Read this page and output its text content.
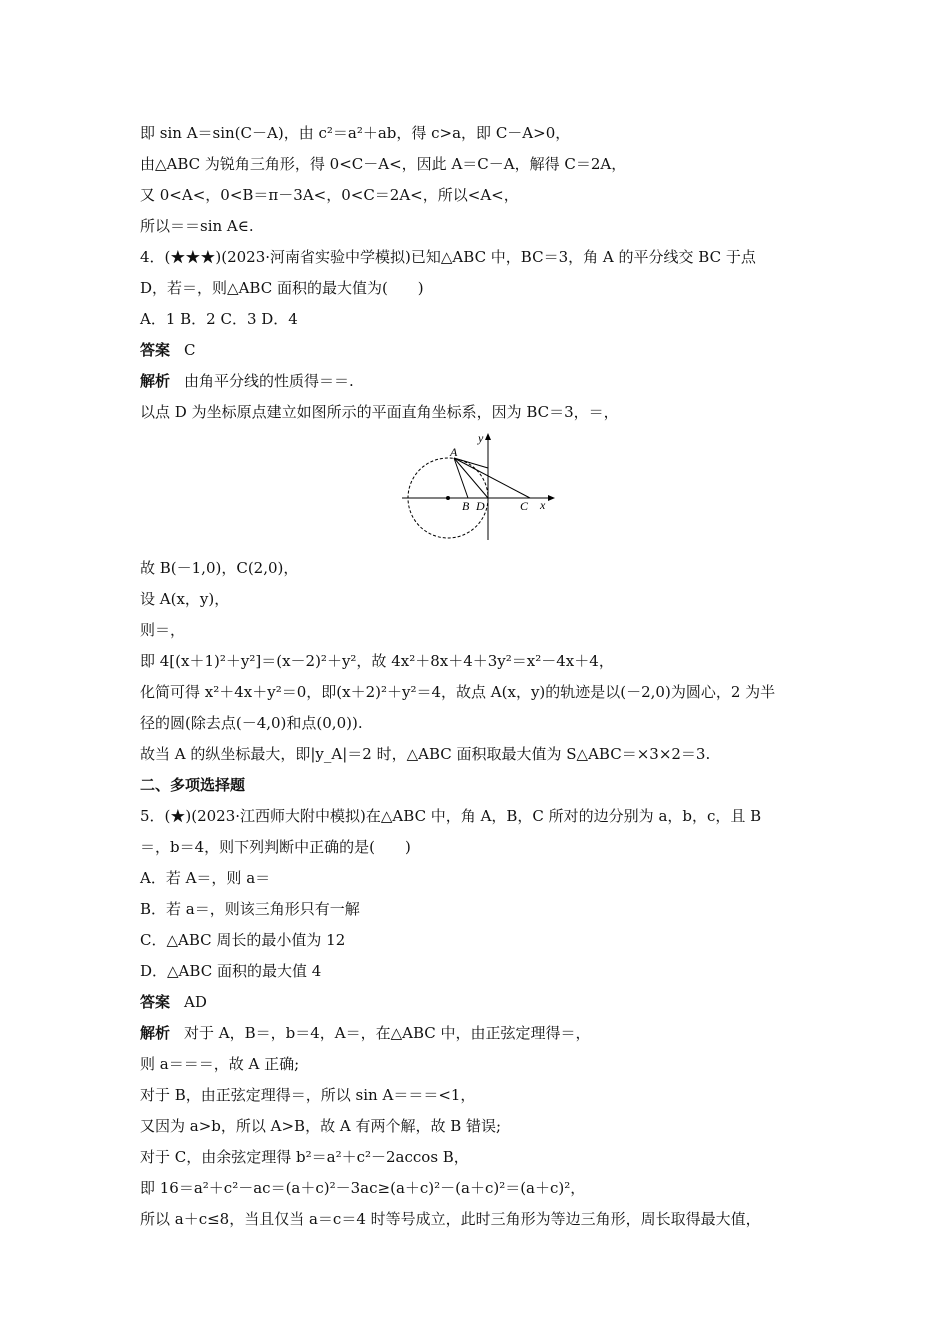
即 sin A＝sin(C－A)，由 c²＝a²＋ab，得 c>a，即 C－A>0，
由△ABC 为锐角三角形，得 0<C－A<，因此 A＝C－A，解得 C＝2A，
又 0<A<，0<B＝π－3A<，0<C＝2A<，所以<A<，
所以＝＝sin A∈.
4．(★★★)(2023·河南省实验中学模拟)已知△ABC 中，BC＝3，角 A 的平分线交 BC 于点
D，若＝，则△ABC 面积的最大值为(　　)
A．1 B．2 C．3 D．4
答案 C
解析 由角平分线的性质得＝＝.
以点 D 为坐标原点建立如图所示的平面直角坐标系，因为 BC＝3，＝，
故 B(－1,0)，C(2,0)，
设 A(x，y)，
则＝，
即 4[(x＋1)²＋y²]＝(x－2)²＋y²，故 4x²＋8x＋4＋3y²＝x²－4x＋4，
化简可得 x²＋4x＋y²＝0，即(x＋2)²＋y²＝4，故点 A(x，y)的轨迹是以(－2,0)为圆心，2 为半
径的圆(除去点(－4,0)和点(0,0)).
故当 A 的纵坐标最大，即|y_A|＝2 时，△ABC 面积取最大值为 S△ABC＝×3×2＝3.
二、多项选择题
5．(★)(2023·江西师大附中模拟)在△ABC 中，角 A，B，C 所对的边分别为 a，b，c，且 B
＝，b＝4，则下列判断中正确的是(　　)
A．若 A＝，则 a＝
B．若 a＝，则该三角形只有一解
C．△ABC 周长的最小值为 12
D．△ABC 面积的最大值 4
答案 AD
解析 对于 A，B＝，b＝4，A＝，在△ABC 中，由正弦定理得＝，
则 a＝＝＝，故 A 正确;
对于 B，由正弦定理得＝，所以 sin A＝＝＝<1，
又因为 a>b，所以 A>B，故 A 有两个解，故 B 错误;
对于 C，由余弦定理得 b²＝a²＋c²－2accos B，
即 16＝a²＋c²－ac＝(a＋c)²－3ac≥(a＋c)²－(a＋c)²＝(a＋c)²，
所以 a＋c≤8，当且仅当 a＝c＝4 时等号成立，此时三角形为等边三角形，周长取得最大值，
y
x
A
B D	C
